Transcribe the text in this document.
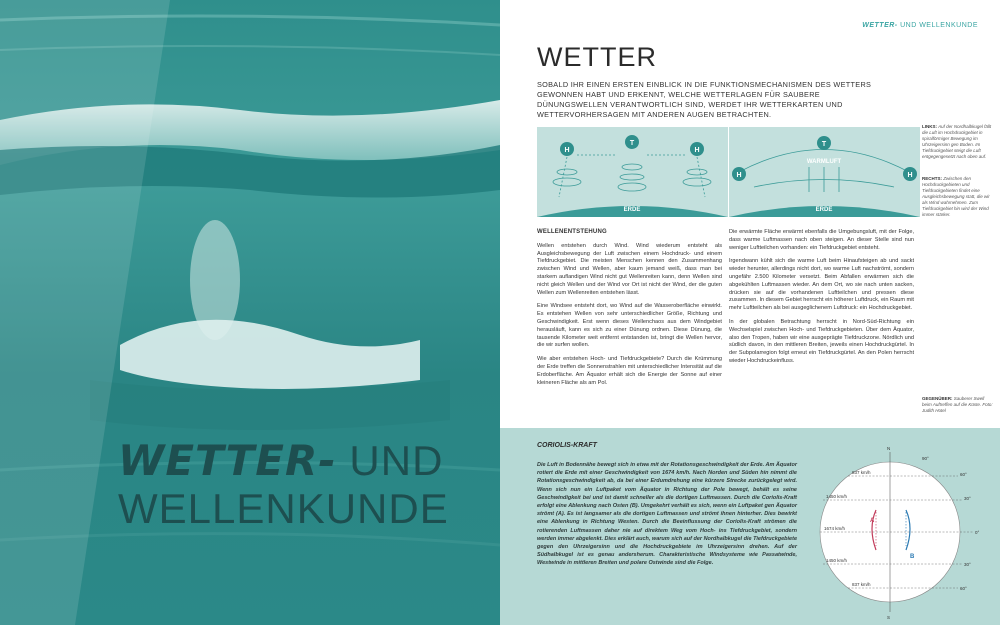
WETTER- UND
WELLENKUNDE
WETTER- UND WELLENKUNDE
WETTER
SOBALD IHR EINEN ERSTEN EINBLICK IN DIE FUNKTIONSMECHANISMEN DES WETTERS GEWONNEN HABT UND ERKENNT, WELCHE WETTERLAGEN FÜR SAUBERE DÜNUNGSWELLEN VERANTWORTLICH SIND, WERDET IHR WETTERKARTEN UND WETTERVORHERSAGEN MIT ANDEREN AUGEN BETRACHTEN.
ERDE
H
T
H
ERDE
T
H	H
WARMLUFT
LINKS: Auf der Nordhalbkugel fällt die Luft im Hochdruckgebiet in spiralförmiger Bewegung im Uhrzeigersinn gen Boden. Im Tiefdruckgebiet steigt die Luft entgegengesetzt nach oben auf.
RECHTS: Zwischen den Hochdruckgebieten und Tiefdruckgebieten findet eine Ausgleichsbewegung statt, die wir als Wind wahrnehmen. Zum Tiefdruckgebiet hin wird der Wind immer stärker.
GEGENÜBER: Sauberer Swell beim Auftreffen auf die Küste. Foto: Judith Hotel
WELLENENTSTEHUNG

Wellen entstehen durch Wind. Wind wiederum entsteht als Ausgleichsbewegung der Luft zwischen einem Hochdruck- und einem Tiefdruckgebiet. Die meisten Menschen kennen den Zusammenhang zwischen Wind und Wellen, aber kaum jemand weiß, dass man bei starkem auflandigen Wind nicht gut Wellenreiten kann, denn Wellen sind nicht gleich Wellen und der Wind vor Ort ist nicht der Wind, der die guten Wellen zum Wellenreiten entstehen lässt.

Eine Windsee entsteht dort, wo Wind auf die Wasseroberfläche einwirkt. Es entstehen Wellen von sehr unterschiedlicher Größe, Richtung und Geschwindigkeit. Erst wenn dieses Wellenchaos aus dem Windgebiet herausläuft, kann es sich zu einer Dünung ordnen. Diese Dünung, die tausende Kilometer weit entfernt entstanden ist, bringt die Wellen hervor, die wir surfen wollen.

Wie aber entstehen Hoch- und Tiefdruckgebiete? Durch die Krümmung der Erde treffen die Sonnenstrahlen mit unterschiedlicher Intensität auf die Erdoberfläche. Am Äquator erhält sich die Energie der Sonne auf einer kleineren Fläche als am Pol.

Die erwärmte Fläche erwärmt ebenfalls die Umgebungsluft, mit der Folge, dass warme Luftmassen nach oben steigen. An dieser Stelle sind nun weniger Luftteilchen vorhanden: ein Tiefdruckgebiet entsteht.

Irgendwann kühlt sich die warme Luft beim Hinaufsteigen ab und sackt wieder herunter, allerdings nicht dort, wo warme Luft nachströmt, sondern ungefähr 2.500 Kilometer versetzt. Beim Abfallen erwärmen sich die abgekühlten Luftmassen wieder. An dem Ort, wo sie nach unten sacken, drücken sie auf die vorhandenen Luftteilchen und pressen diese zusammen. In diesem Gebiet herrscht ein höherer Luftdruck, ein Raum mit mehr Luftteilchen als bei ausgeglichenem Luftdruck: ein Hochdruckgebiet.

In der globalen Betrachtung herrscht in Nord-Süd-Richtung ein Wechselspiel zwischen Hoch- und Tiefdruckgebieten. Über dem Äquator, also den Tropen, haben wir eine ausgeprägte Tiefdruckzone. Nördlich und südlich davon, in den mittleren Breiten, jeweils einen Hochdruckgürtel. In der Subpolarregion folgt erneut ein Tiefdruckgürtel. An den Polen herrscht wieder Hochdruckeinfluss.

CORIOLIS-KRAFT
Die Luft in Bodennähe bewegt sich in etwa mit der Rotationsgeschwindigkeit der Erde. Am Äquator rotiert die Erde mit einer Geschwindigkeit von 1674 km/h. Nach Norden und Süden hin nimmt die Rotationsgeschwindigkeit ab, da bei einer Erdumdrehung eine kürzere Strecke zurückgelegt wird. Wenn sich nun ein Luftpaket vom Äquator in Richtung der Pole bewegt, behält es seine Geschwindigkeit bei und ist damit schneller als die dortigen Luftmassen. Durch die Coriolis-Kraft erfolgt eine Ablenkung nach Osten (B). Umgekehrt verhält es sich, wenn ein Luftpaket gen Äquator strömt (A). Es ist langsamer als die dortigen Luftmassen und strömt ihnen hinterher. Dies bewirkt eine Ablenkung in Richtung Westen. Durch die Beeinflussung der Coriolis-Kraft strömen die rotierenden Luftmassen daher nie auf direktem Weg vom Hoch- ins Tiefdruckgebiet, sondern werden immer abgelenkt. Dies erklärt auch, warum sich auf der Nordhalbkugel die Tiefdruckgebiete gegen den Uhrzeigersinn und die Hochdruckgebiete im Uhrzeigersinn drehen. Auf der Südhalbkugel ist es genau andersherum. Charakteristische Windsysteme wie Passatwinde, Westwinde in mittleren Breiten und polare Ostwinde sind die Folge.
N
S
90°
60°
30°
0°
30°
60°
837 km/h
1450 km/h
1674 km/h
1450 km/h
837 km/h
A
B
